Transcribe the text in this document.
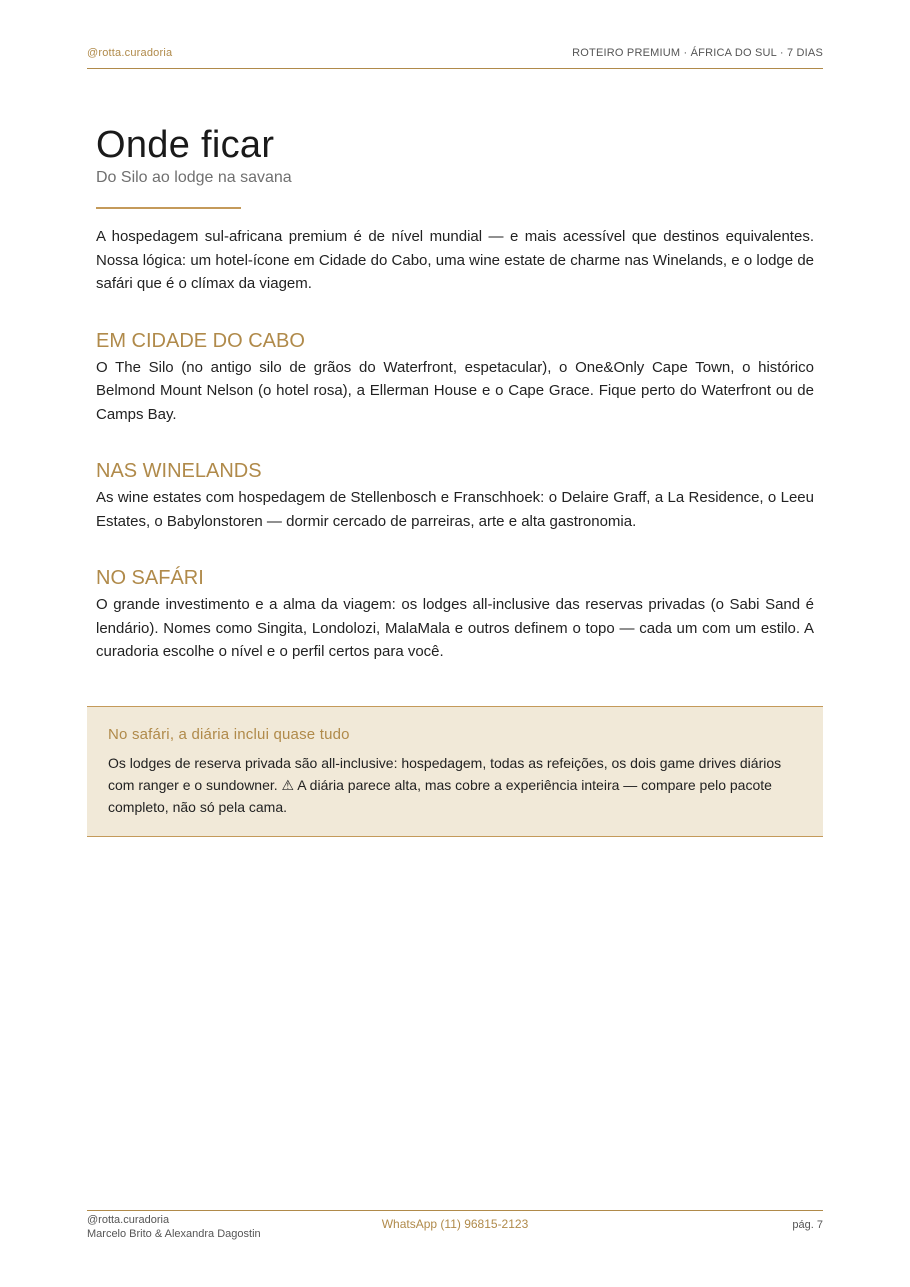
@rotta.curadoria	ROTEIRO PREMIUM · ÁFRICA DO SUL · 7 DIAS
Onde ficar

Do Silo ao lodge na savana

A hospedagem sul-africana premium é de nível mundial — e mais acessível que destinos equivalentes. Nossa lógica: um hotel-ícone em Cidade do Cabo, uma wine estate de charme nas Winelands, e o lodge de safári que é o clímax da viagem.

EM CIDADE DO CABO

O The Silo (no antigo silo de grãos do Waterfront, espetacular), o One&Only Cape Town, o histórico Belmond Mount Nelson (o hotel rosa), a Ellerman House e o Cape Grace. Fique perto do Waterfront ou de Camps Bay.

NAS WINELANDS

As wine estates com hospedagem de Stellenbosch e Franschhoek: o Delaire Graff, a La Residence, o Leeu Estates, o Babylonstoren — dormir cercado de parreiras, arte e alta gastronomia.

NO SAFÁRI

O grande investimento e a alma da viagem: os lodges all-inclusive das reservas privadas (o Sabi Sand é lendário). Nomes como Singita, Londolozi, MalaMala e outros definem o topo — cada um com um estilo. A curadoria escolhe o nível e o perfil certos para você.

No safári, a diária inclui quase tudo
Os lodges de reserva privada são all-inclusive: hospedagem, todas as refeições, os dois game drives diários com ranger e o sundowner. ⚠ A diária parece alta, mas cobre a experiência inteira — compare pelo pacote completo, não só pela cama.
@rotta.curadoria
Marcelo Brito & Alexandra Dagostin
WhatsApp (11) 96815-2123	pág. 7
